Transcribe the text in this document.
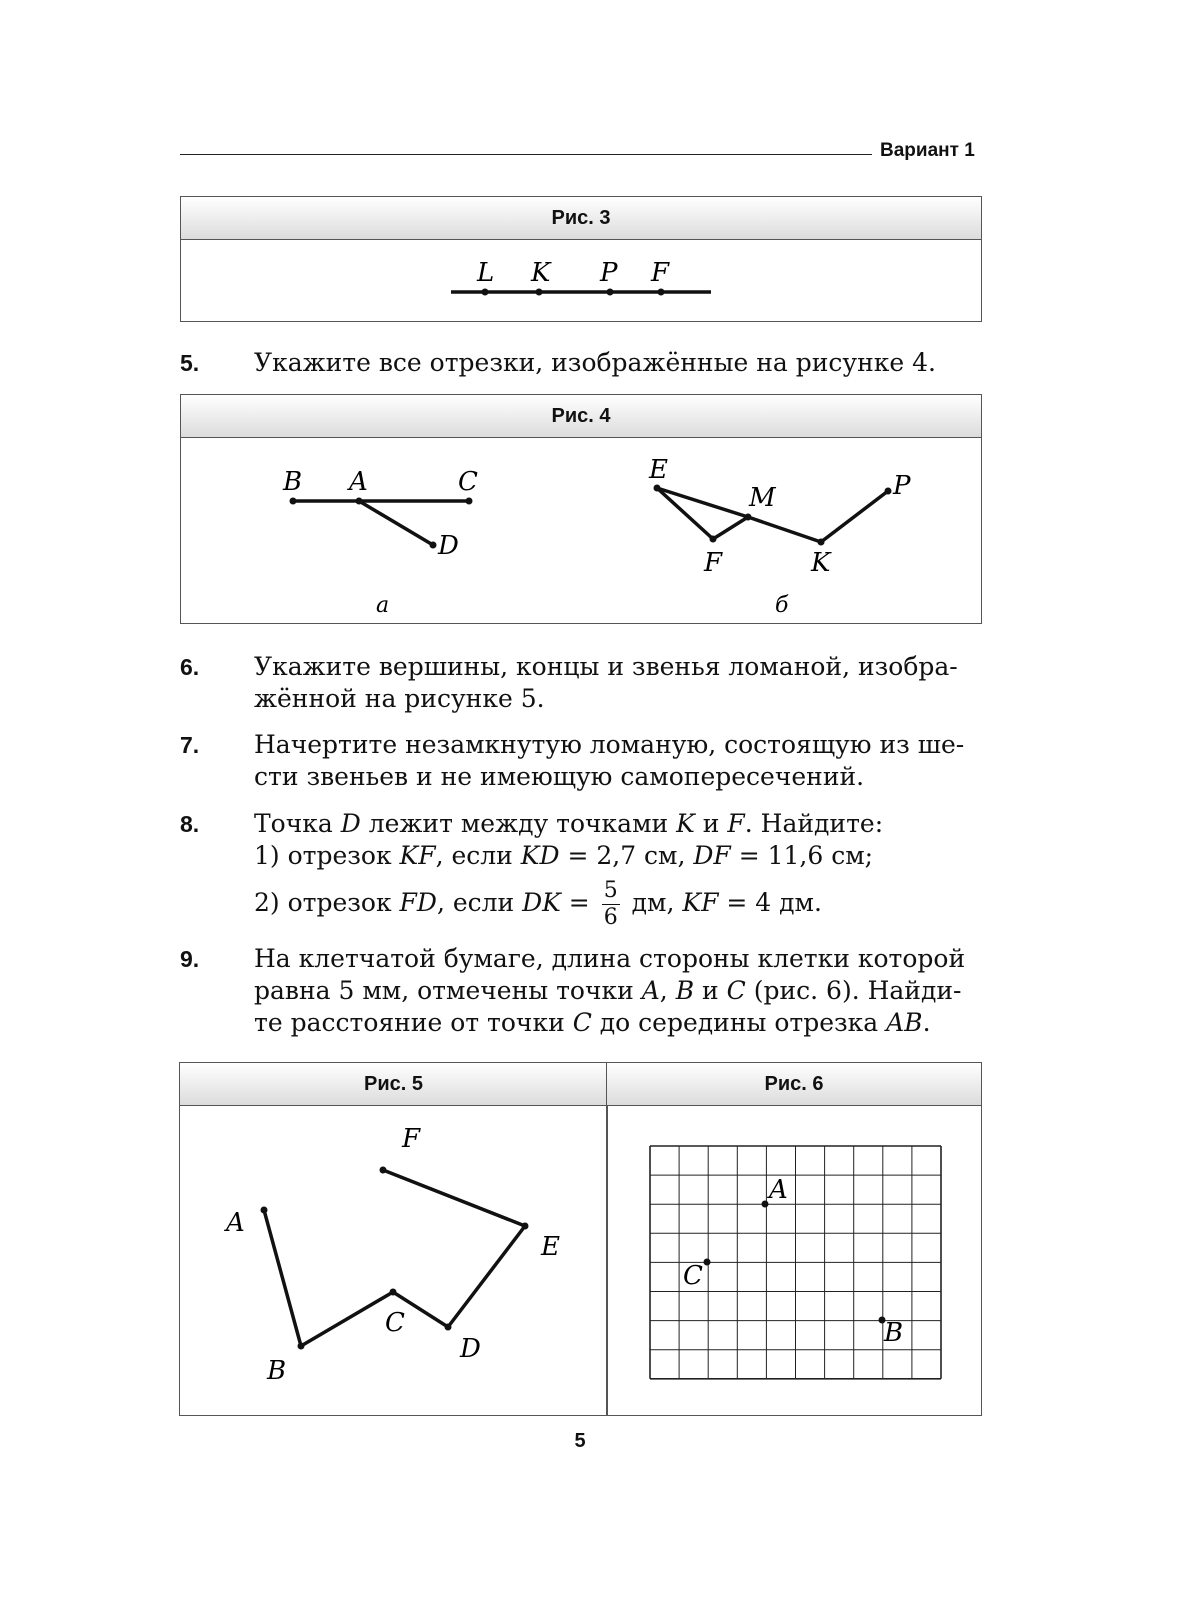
Вариант 1
Рис. 3
L K P F
5. Укажите все отрезки, изображённые на рисунке 4.
Рис. 4
B A	C
D
а
E
M	P
F	K
б
6. Укажите вершины, концы и звенья ломаной, изобра-
жённой на рисунке 5.
7. Начертите незамкнутую ломаную, состоящую из ше-
сти звеньев и не имеющую самопересечений.
8. Точка D лежит между точками K и F. Найдите:
1) отрезок KF, если KD = 2,7 см, DF = 11,6 см;
2) отрезок FD, если DK = $\frac{5}{6}$ дм, KF = 4 дм.
9. На клетчатой бумаге, длина стороны клетки которой
равна 5 мм, отмечены точки A, B и C (рис. 6). Найди-
те расстояние от точки C до середины отрезка AB.
Рис. 5
F
A
E
C
D
B
Рис. 6
A
C
B
5
